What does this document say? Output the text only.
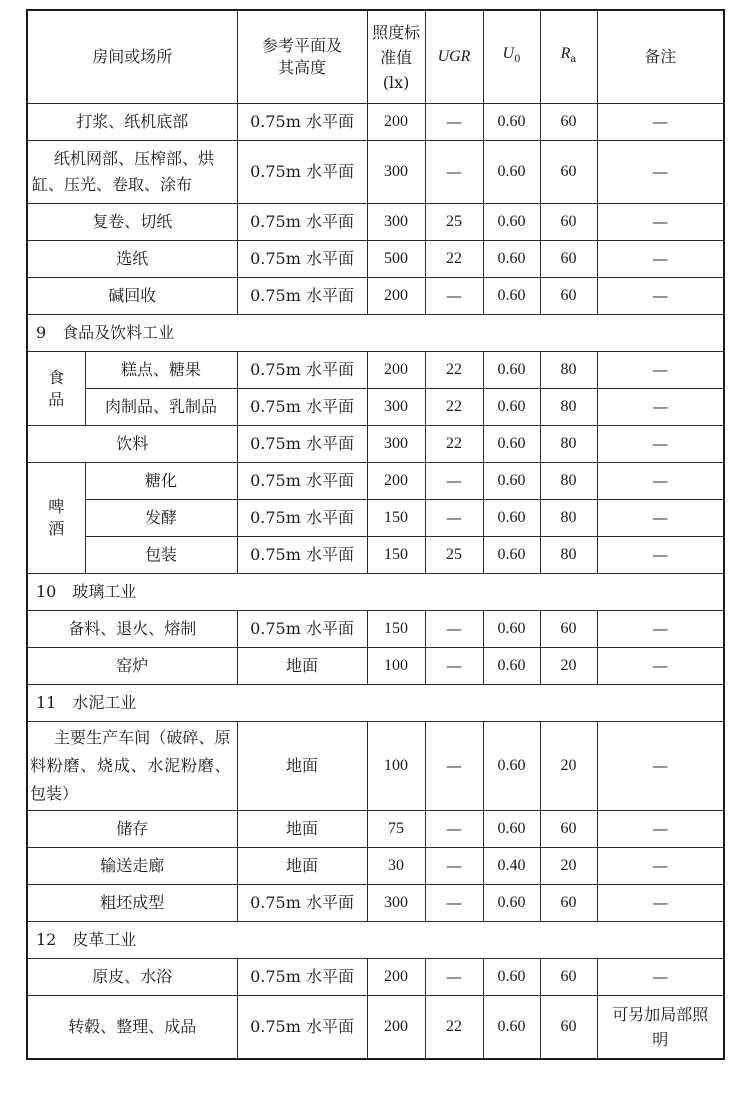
房间或场所		参考平面及其高度	照度标准值(lx)	UGR	$U_0$	$R_a$	备注
打浆、纸机底部		0.75m 水平面	200	—	0.60	60	—
纸机网部、压榨部、烘缸、压光、卷取、涂布		0.75m 水平面	300	—	0.60	60	—
复卷、切纸		0.75m 水平面	300	25	0.60	60	—
选纸		0.75m 水平面	500	22	0.60	60	—
碱回收		0.75m 水平面	200	—	0.60	60	—
9　食品及饮料工业							
食品	糕点、糖果	0.75m 水平面	200	22	0.60	80	—
	肉制品、乳制品	0.75m 水平面	300	22	0.60	80	—
饮料		0.75m 水平面	300	22	0.60	80	—
啤酒	糖化	0.75m 水平面	200	—	0.60	80	—
	发酵	0.75m 水平面	150	—	0.60	80	—
	包装	0.75m 水平面	150	25	0.60	80	—
10　玻璃工业							
备料、退火、熔制		0.75m 水平面	150	—	0.60	60	—
窑炉		地面	100	—	0.60	20	—
11　水泥工业							
主要生产车间（破碎、原料粉磨、烧成、水泥粉磨、包装）		地面	100	—	0.60	20	—
储存		地面	75	—	0.60	60	—
输送走廊		地面	30	—	0.40	20	—
粗坯成型		0.75m 水平面	300	—	0.60	60	—
12　皮革工业							
原皮、水浴		0.75m 水平面	200	—	0.60	60	—
转毂、整理、成品		0.75m 水平面	200	22	0.60	60	可另加局部照明
